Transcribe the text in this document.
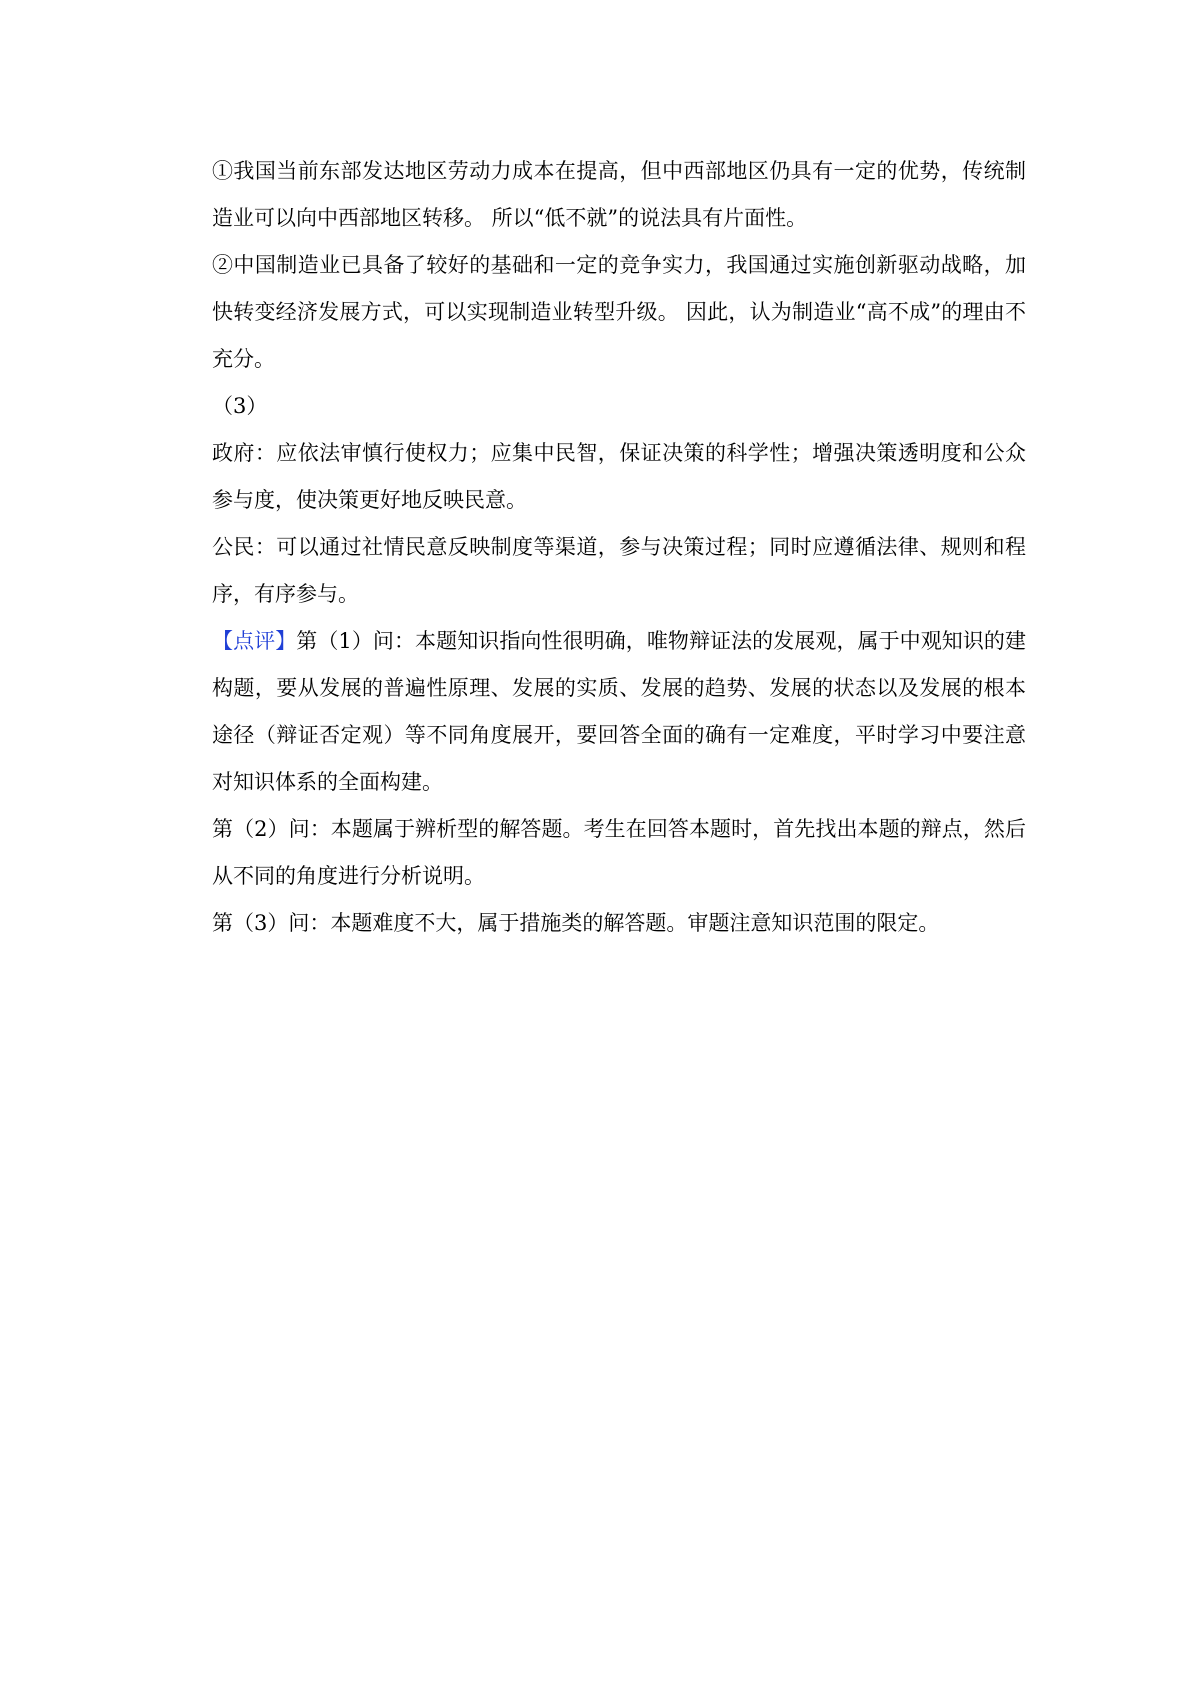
①我国当前东部发达地区劳动力成本在提高，但中西部地区仍具有一定的优势，传统制造业可以向中西部地区转移。 所以“低不就”的说法具有片面性。

②中国制造业已具备了较好的基础和一定的竞争实力，我国通过实施创新驱动战略，加快转变经济发展方式，可以实现制造业转型升级。 因此，认为制造业“高不成”的理由不充分。

（3）

政府：应依法审慎行使权力；应集中民智，保证决策的科学性；增强决策透明度和公众参与度，使决策更好地反映民意。

公民：可以通过社情民意反映制度等渠道，参与决策过程；同时应遵循法律、规则和程序，有序参与。

【点评】第（1）问：本题知识指向性很明确，唯物辩证法的发展观，属于中观知识的建构题，要从发展的普遍性原理、发展的实质、发展的趋势、发展的状态以及发展的根本途径（辩证否定观）等不同角度展开，要回答全面的确有一定难度，平时学习中要注意对知识体系的全面构建。

第（2）问：本题属于辨析型的解答题。考生在回答本题时，首先找出本题的辩点，然后从不同的角度进行分析说明。

第（3）问：本题难度不大，属于措施类的解答题。审题注意知识范围的限定。
